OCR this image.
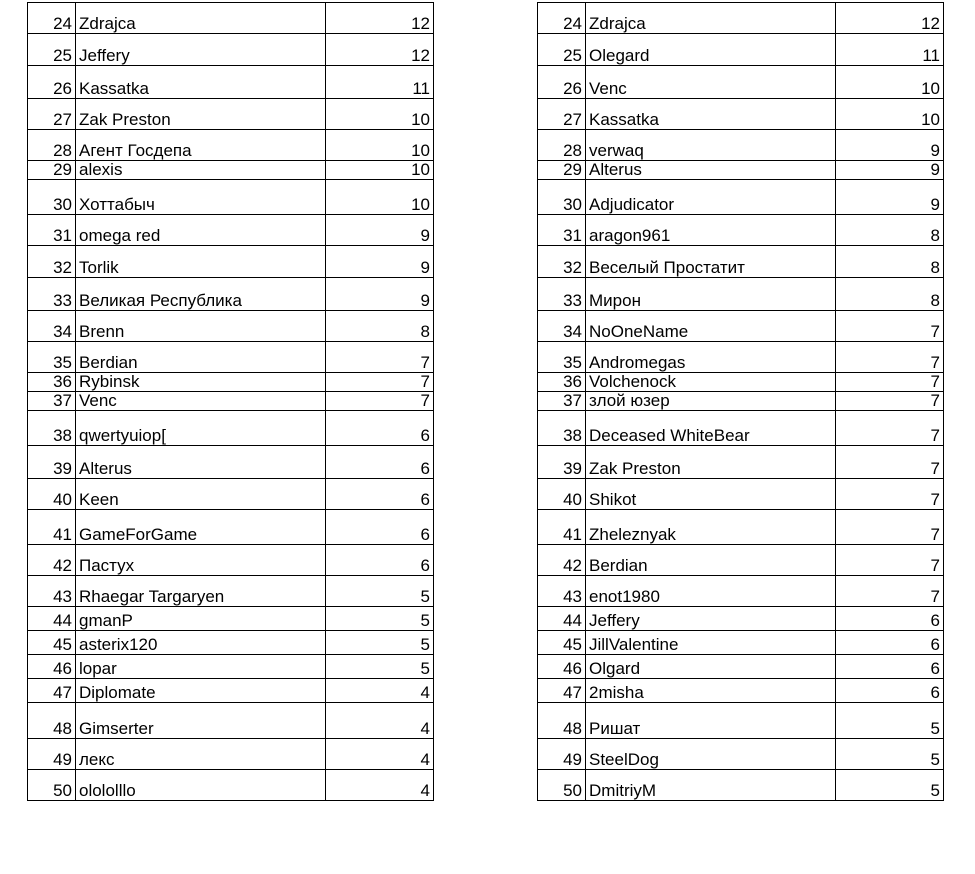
24	Zdrajca	12
25	Jeffery	12
26	Kassatka	11
27	Zak Preston	10
28	Агент Госдепа	10
29	alexis	10
30	Хоттабыч	10
31	omega red	9
32	Torlik	9
33	Великая Республика	9
34	Brenn	8
35	Berdian	7
36	Rybinsk	7
37	Venc	7
38	qwertyuiop[	6
39	Alterus	6
40	Keen	6
41	GameForGame	6
42	Пастух	6
43	Rhaegar Targaryen	5
44	gmanP	5
45	asterix120	5
46	lopar	5
47	Diplomate	4
48	Gimserter	4
49	лекс	4
50	olololllo	4
24	Zdrajca	12
25	Olegard	11
26	Venc	10
27	Kassatka	10
28	verwaq	9
29	Alterus	9
30	Adjudicator	9
31	aragon961	8
32	Веселый Простатит	8
33	Мирон	8
34	NoOneName	7
35	Andromegas	7
36	Volchenock	7
37	злой юзер	7
38	Deceased WhiteBear	7
39	Zak Preston	7
40	Shikot	7
41	Zheleznyak	7
42	Berdian	7
43	enot1980	7
44	Jeffery	6
45	JillValentine	6
46	Olgard	6
47	2misha	6
48	Ришат	5
49	SteelDog	5
50	DmitriyM	5
